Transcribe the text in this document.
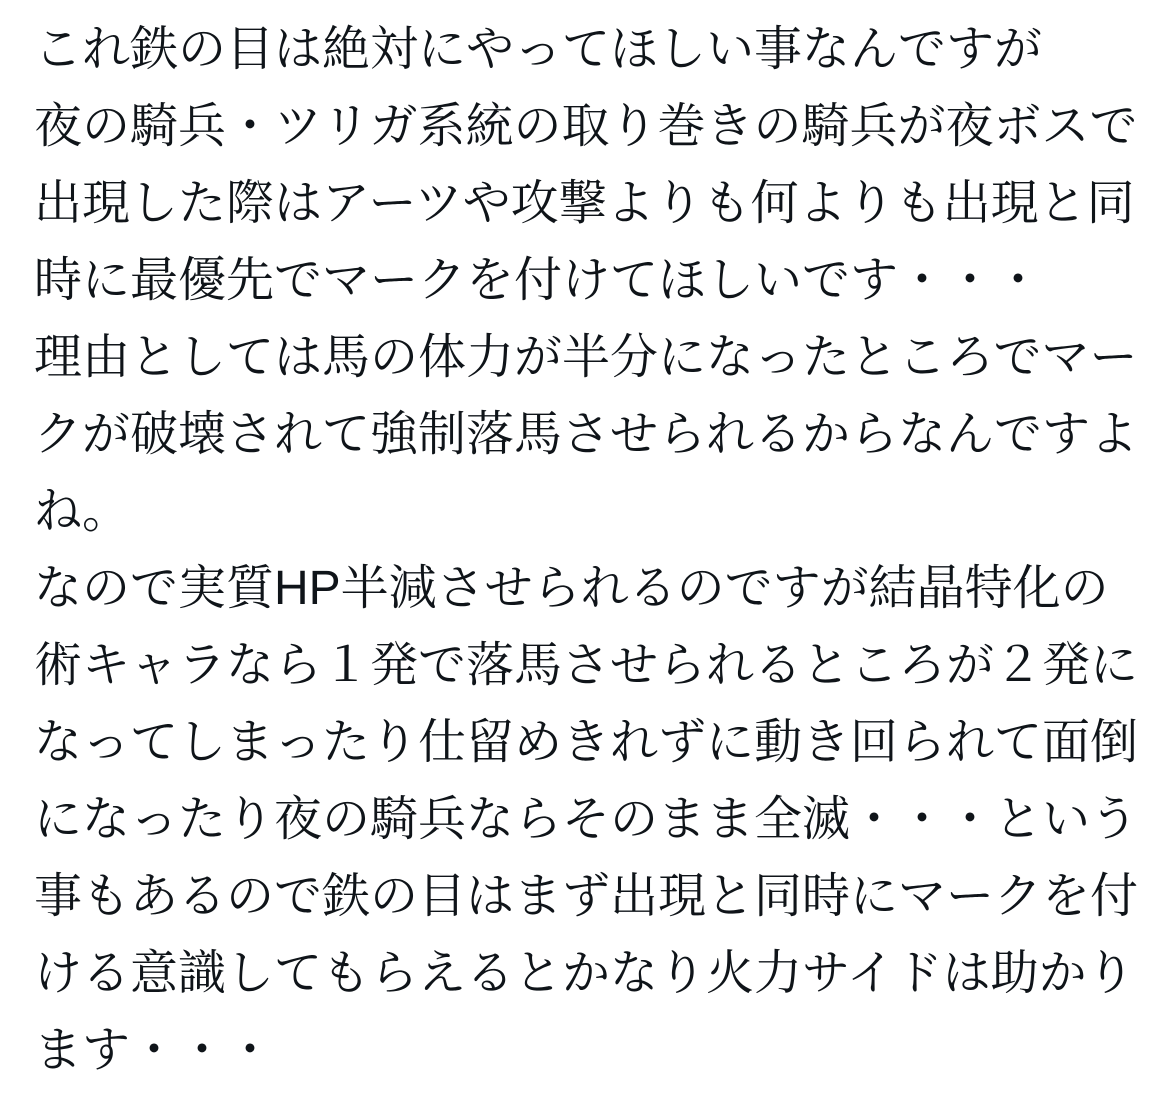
これ鉄の目は絶対にやってほしい事なんですが
夜の騎兵・ツリガ系統の取り巻きの騎兵が夜ボスで
出現した際はアーツや攻撃よりも何よりも出現と同
時に最優先でマークを付けてほしいです・・・
理由としては馬の体力が半分になったところでマー
クが破壊されて強制落馬させられるからなんですよ
ね。
なので実質HP半減させられるのですが結晶特化の
術キャラなら１発で落馬させられるところが２発に
なってしまったり仕留めきれずに動き回られて面倒
になったり夜の騎兵ならそのまま全滅・・・という
事もあるので鉄の目はまず出現と同時にマークを付
ける意識してもらえるとかなり火力サイドは助かり
ます・・・
